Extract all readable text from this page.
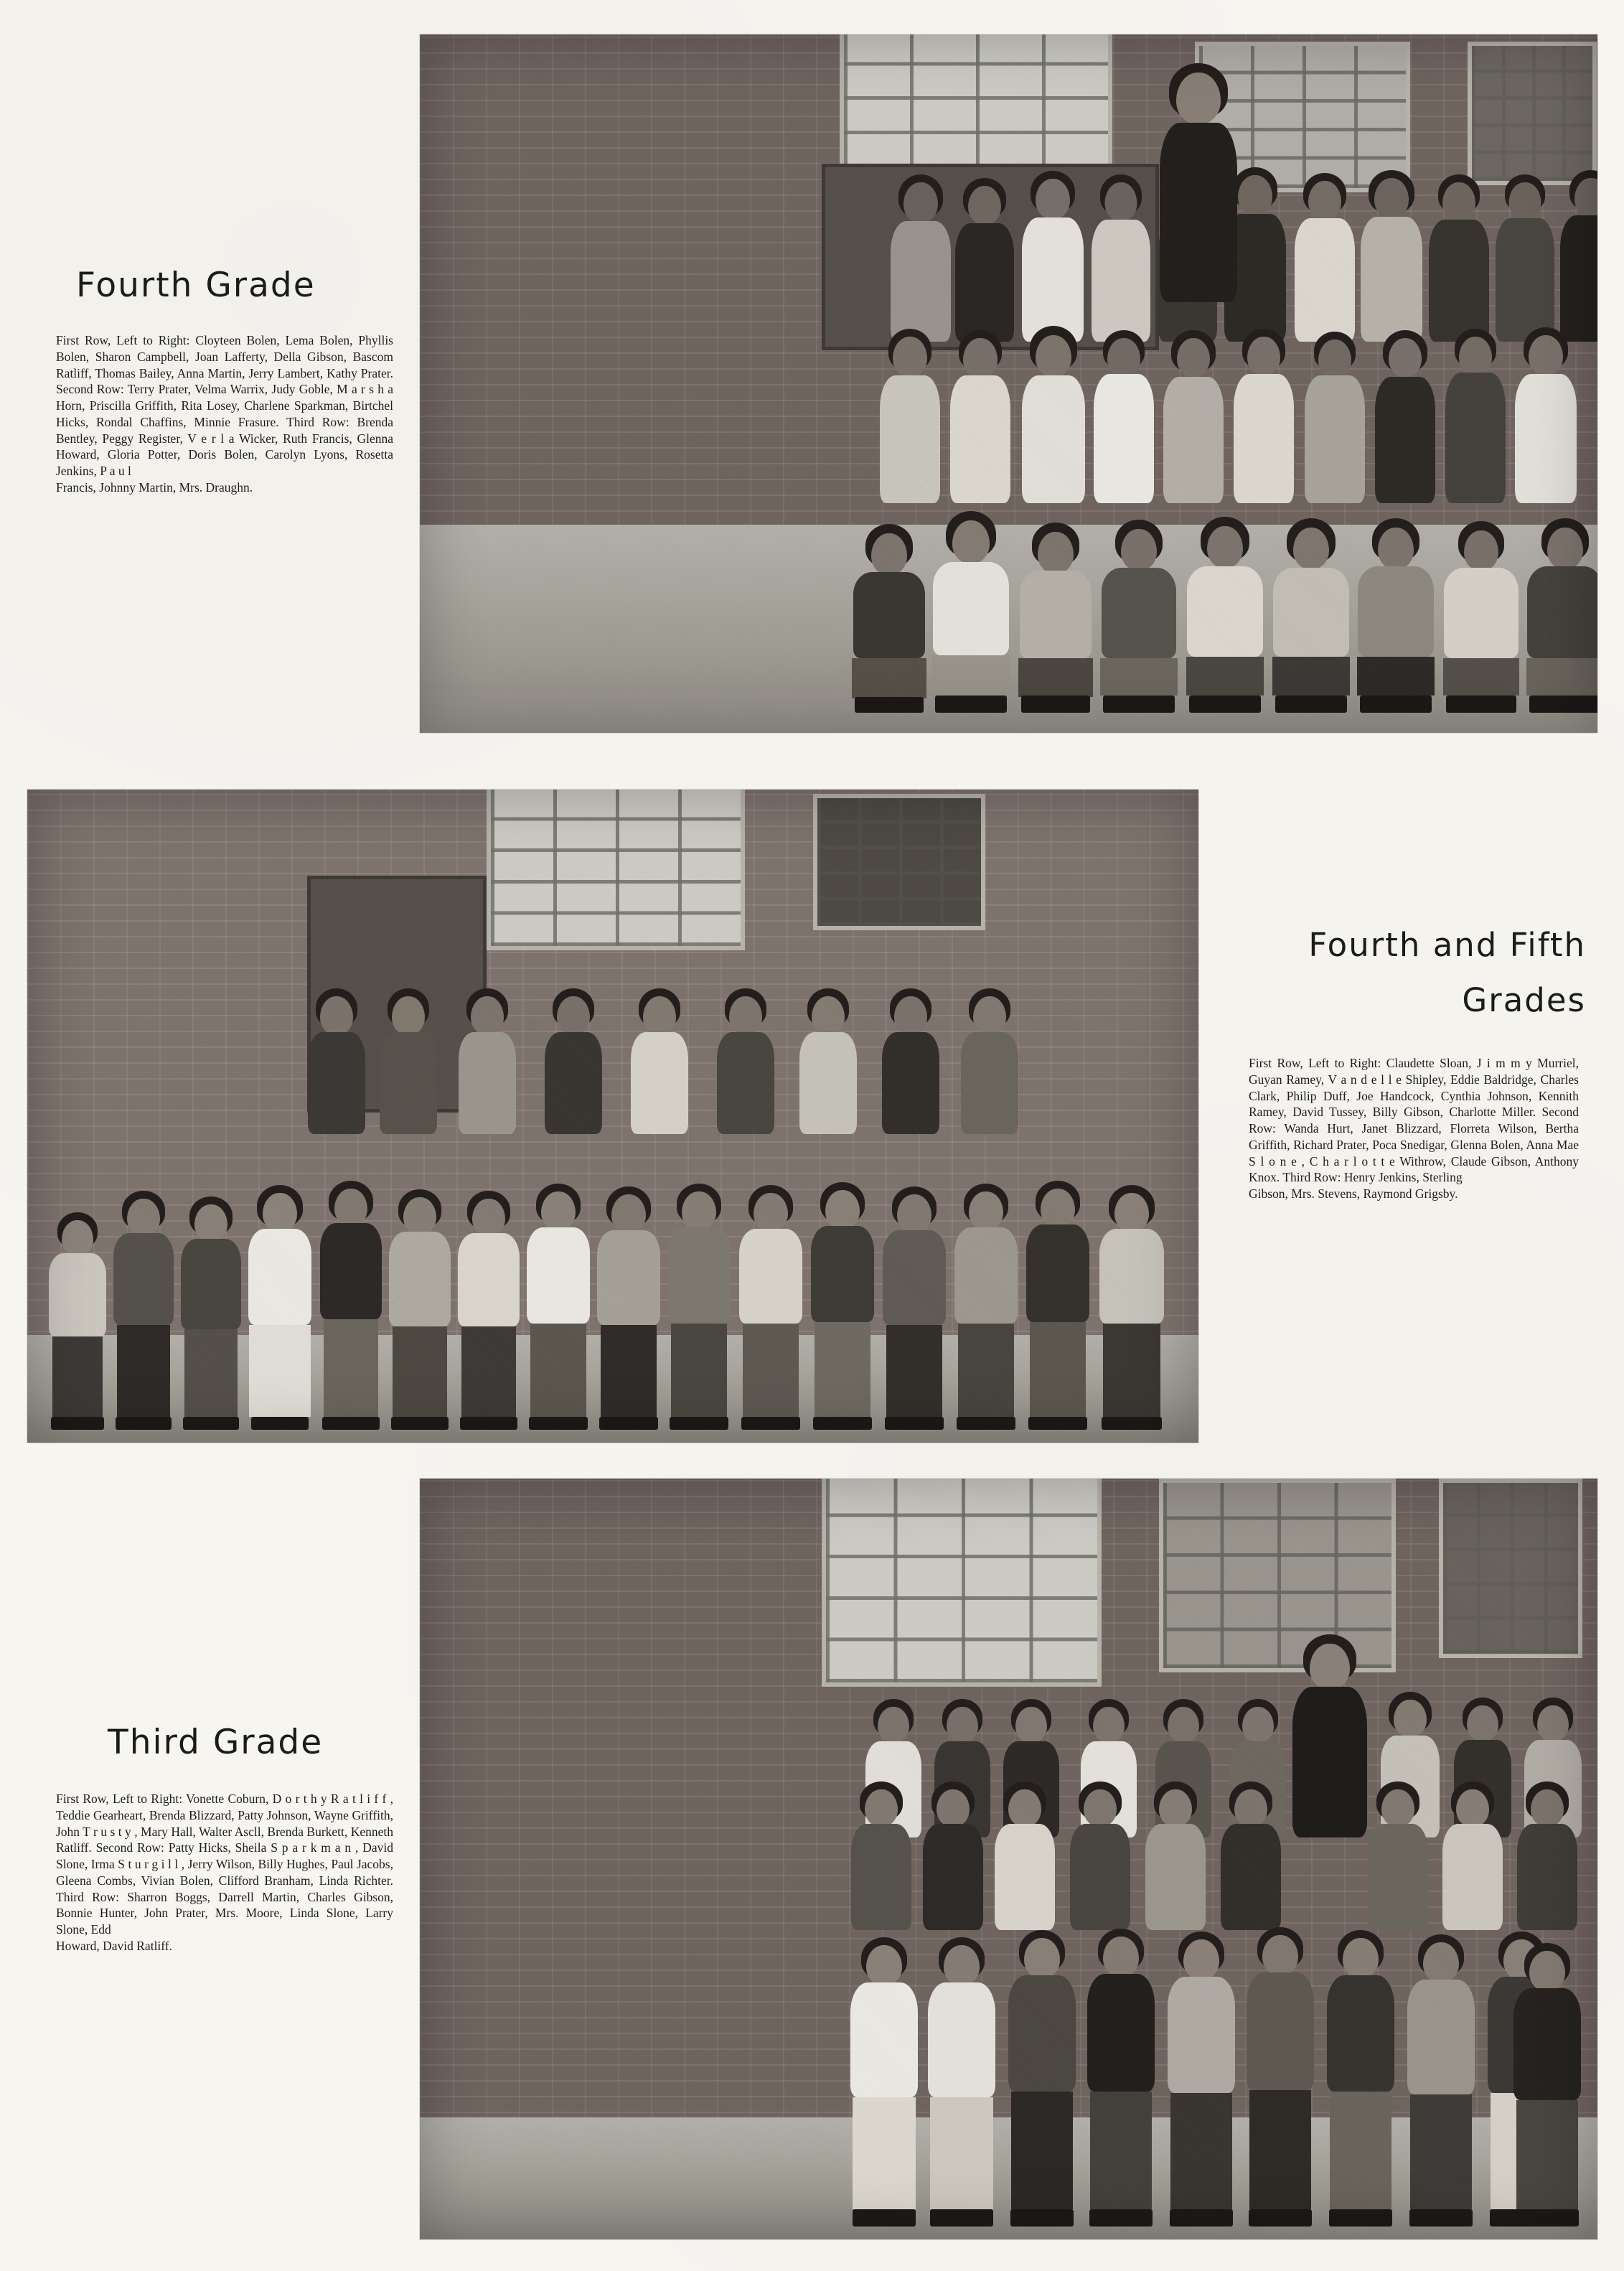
Fourth Grade
First Row, Left to Right: Cloyteen Bolen, Lema Bolen, Phyllis Bolen, Sharon Campbell, Joan Lafferty, Della Gibson, Bascom Ratliff, Thomas Bailey, Anna Martin, Jerry Lambert, Kathy Prater. Second Row: Terry Prater, Velma Warrix, Judy Goble, M a r s h a Horn, Priscilla Griffith, Rita Losey, Charlene Sparkman, Birtchel Hicks, Rondal Chaffins, Minnie Frasure. Third Row: Brenda Bentley, Peggy Register, V e r l a Wicker, Ruth Francis, Glenna Howard, Gloria Potter, Doris Bolen, Carolyn Lyons, Rosetta Jenkins, P a u l
Francis, Johnny Martin, Mrs. Draughn.
Fourth and Fifth
Grades
First Row, Left to Right: Claudette Sloan, J i m m y Murriel, Guyan Ramey, V a n d e l l e Shipley, Eddie Baldridge, Charles Clark, Philip Duff, Joe Handcock, Cynthia Johnson, Kennith Ramey, David Tussey, Billy Gibson, Charlotte Miller. Second Row: Wanda Hurt, Janet Blizzard, Florreta Wilson, Bertha Griffith, Richard Prater, Poca Snedigar, Glenna Bolen, Anna Mae S l o n e , C h a r l o t t e Withrow, Claude Gibson, Anthony Knox. Third Row: Henry Jenkins, Sterling
Gibson, Mrs. Stevens, Raymond Grigsby.
Third Grade
First Row, Left to Right: Vonette Coburn, D o r t h y R a t l i f f , Teddie Gearheart, Brenda Blizzard, Patty Johnson, Wayne Griffith, John T r u s t y , Mary Hall, Walter Ascll, Brenda Burkett, Kenneth Ratliff. Second Row: Patty Hicks, Sheila S p a r k m a n , David Slone, Irma S t u r g i l l , Jerry Wilson, Billy Hughes, Paul Jacobs, Gleena Combs, Vivian Bolen, Clifford Branham, Linda Richter. Third Row: Sharron Boggs, Darrell Martin, Charles Gibson, Bonnie Hunter, John Prater, Mrs. Moore, Linda Slone, Larry Slone, Edd
Howard, David Ratliff.
